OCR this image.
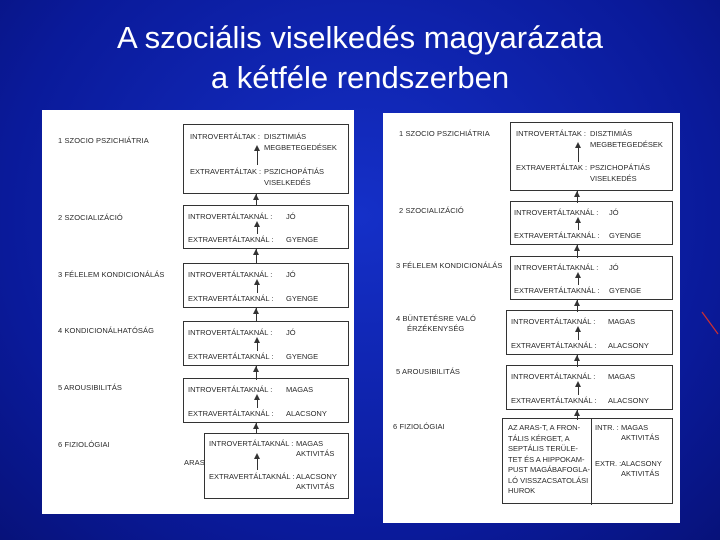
A szociális viselkedés magyarázata
a kétféle rendszerben
1 SZOCIO PSZICHIÁTRIA	INTROVERTÁLTAK : DISZTIMIÁS
MEGBETEGEDÉSEK
EXTRAVERTÁLTAK : PSZICHOPÁTIÁS
VISELKEDÉS
2 SZOCIALIZÁCIÓ	INTROVERTÁLTAKNÁL : JÓ
EXTRAVERTÁLTAKNÁL : GYENGE
3 FÉLELEM KONDICIONÁLÁS	INTROVERTÁLTAKNÁL : JÓ
EXTRAVERTÁLTAKNÁL : GYENGE
4 KONDICIONÁLHATÓSÁG	INTROVERTÁLTAKNÁL : JÓ
EXTRAVERTÁLTAKNÁL : GYENGE
5 AROUSIBILITÁS	INTROVERTÁLTAKNÁL : MAGAS
EXTRAVERTÁLTAKNÁL : ALACSONY
6 FIZIOLÓGIAI
ARAS
INTROVERTÁLTAKNÁL : MAGAS
AKTIVITÁS
EXTRAVERTÁLTAKNÁL : ALACSONY
AKTIVITÁS
1 SZOCIO PSZICHIÁTRIA	INTROVERTÁLTAK : DISZTIMIÁS
MEGBETEGEDÉSEK
EXTRAVERTÁLTAK : PSZICHOPÁTIÁS
VISELKEDÉS
2 SZOCIALIZÁCIÓ	INTROVERTÁLTAKNÁL : JÓ
EXTRAVERTÁLTAKNÁL : GYENGE
3 FÉLELEM KONDICIONÁLÁS INTROVERTÁLTAKNÁL : JÓ
EXTRAVERTÁLTAKNÁL : GYENGE
4 BÜNTETÉSRE VALÓ
ÉRZÉKENYSÉG
INTROVERTÁLTAKNÁL : MAGAS
EXTRAVERTÁLTAKNÁL : ALACSONY
5 AROUSIBILITÁS
INTROVERTÁLTAKNÁL : MAGAS
EXTRAVERTÁLTAKNÁL : ALACSONY
6 FIZIOLÓGIAI	AZ ARAS-T, A FRON-
TÁLIS KÉRGET, A
SEPTÁLIS TERÜLE-
TET ÉS A HIPPOKAM-
PUST MAGÁBAFOGLA-
LÓ VISSZACSATOLÁSI
HUROK
INTR. : MAGAS
AKTIVITÁS
EXTR. : ALACSONY
AKTIVITÁS
